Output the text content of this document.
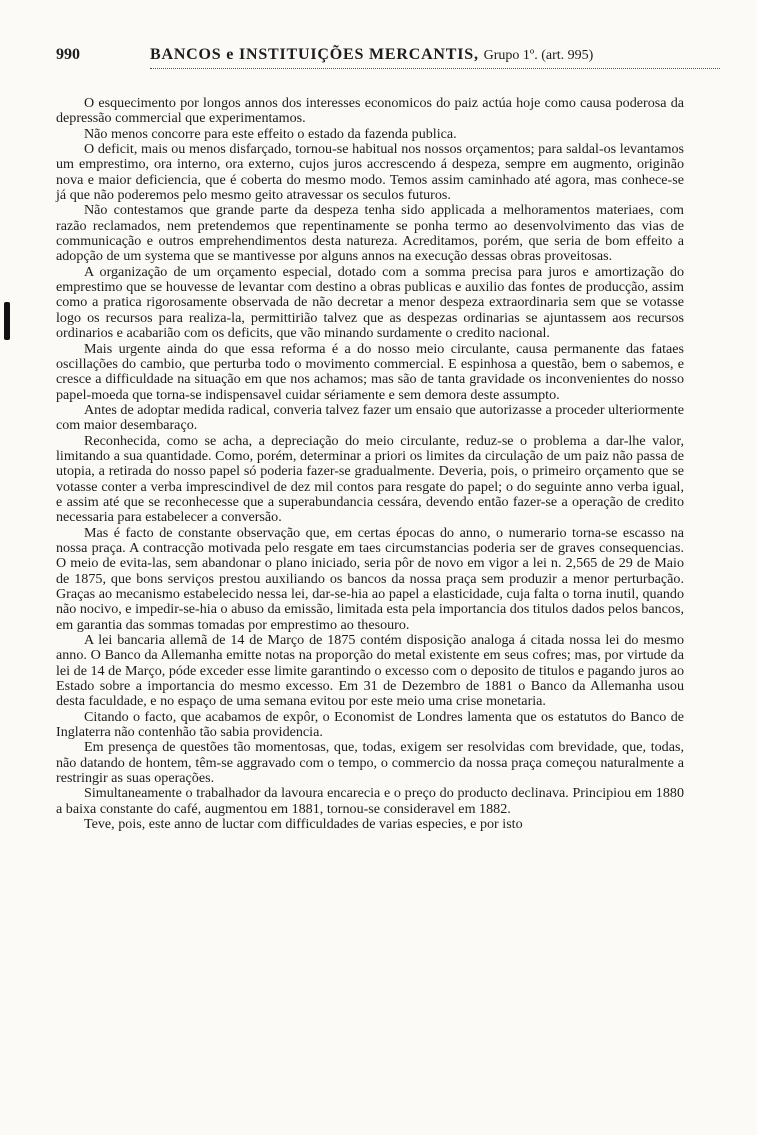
990	BANCOS e INSTITUIÇÕES MERCANTIS, Grupo 1º. (art. 995)

O esquecimento por longos annos dos interesses economicos do paiz actúa hoje como causa poderosa da depressão commercial que experimentamos.

Não menos concorre para este effeito o estado da fazenda publica.

O deficit, mais ou menos disfarçado, tornou-se habitual nos nossos orçamentos; para saldal-os levantamos um emprestimo, ora interno, ora externo, cujos juros accrescendo á despeza, sempre em augmento, originão nova e maior deficiencia, que é coberta do mesmo modo. Temos assim caminhado até agora, mas conhece-se já que não poderemos pelo mesmo geito atravessar os seculos futuros.

Não contestamos que grande parte da despeza tenha sido applicada a melhoramentos materiaes, com razão reclamados, nem pretendemos que repentinamente se ponha termo ao desenvolvimento das vias de communicação e outros emprehendimentos desta natureza. Acreditamos, porém, que seria de bom effeito a adopção de um systema que se mantivesse por alguns annos na execução dessas obras proveitosas.

A organização de um orçamento especial, dotado com a somma precisa para juros e amortização do emprestimo que se houvesse de levantar com destino a obras publicas e auxilio das fontes de producção, assim como a pratica rigorosamente observada de não decretar a menor despeza extraordinaria sem que se votasse logo os recursos para realiza-la, permittirião talvez que as despezas ordinarias se ajuntassem aos recursos ordinarios e acabarião com os deficits, que vão minando surdamente o credito nacional.

Mais urgente ainda do que essa reforma é a do nosso meio circulante, causa permanente das fataes oscillações do cambio, que perturba todo o movimento commercial. E espinhosa a questão, bem o sabemos, e cresce a difficuldade na situação em que nos achamos; mas são de tanta gravidade os inconvenientes do nosso papel-moeda que torna-se indispensavel cuidar sériamente e sem demora deste assumpto.

Antes de adoptar medida radical, converia talvez fazer um ensaio que autorizasse a proceder ulteriormente com maior desembaraço.

Reconhecida, como se acha, a depreciação do meio circulante, reduz-se o problema a dar-lhe valor, limitando a sua quantidade. Como, porém, determinar a priori os limites da circulação de um paiz não passa de utopia, a retirada do nosso papel só poderia fazer-se gradualmente. Deveria, pois, o primeiro orçamento que se votasse conter a verba imprescindivel de dez mil contos para resgate do papel; o do seguinte anno verba igual, e assim até que se reconhecesse que a superabundancia cessára, devendo então fazer-se a operação de credito necessaria para estabelecer a conversão.

Mas é facto de constante observação que, em certas épocas do anno, o numerario torna-se escasso na nossa praça. A contracção motivada pelo resgate em taes circumstancias poderia ser de graves consequencias. O meio de evita-las, sem abandonar o plano iniciado, seria pôr de novo em vigor a lei n. 2,565 de 29 de Maio de 1875, que bons serviços prestou auxiliando os bancos da nossa praça sem produzir a menor perturbação. Graças ao mecanismo estabelecido nessa lei, dar-se-hia ao papel a elasticidade, cuja falta o torna inutil, quando não nocivo, e impedir-se-hia o abuso da emissão, limitada esta pela importancia dos titulos dados pelos bancos, em garantia das sommas tomadas por emprestimo ao thesouro.

A lei bancaria allemã de 14 de Março de 1875 contém disposição analoga á citada nossa lei do mesmo anno. O Banco da Allemanha emitte notas na proporção do metal existente em seus cofres; mas, por virtude da lei de 14 de Março, póde exceder esse limite garantindo o excesso com o deposito de titulos e pagando juros ao Estado sobre a importancia do mesmo excesso. Em 31 de Dezembro de 1881 o Banco da Allemanha usou desta faculdade, e no espaço de uma semana evitou por este meio uma crise monetaria.

Citando o facto, que acabamos de expôr, o Economist de Londres lamenta que os estatutos do Banco de Inglaterra não contenhão tão sabia providencia.

Em presença de questões tão momentosas, que, todas, exigem ser resolvidas com brevidade, que, todas, não datando de hontem, têm-se aggravado com o tempo, o commercio da nossa praça começou naturalmente a restringir as suas operações.

Simultaneamente o trabalhador da lavoura encarecia e o preço do producto declinava. Principiou em 1880 a baixa constante do café, augmentou em 1881, tornou-se consideravel em 1882.

Teve, pois, este anno de luctar com difficuldades de varias especies, e por isto
